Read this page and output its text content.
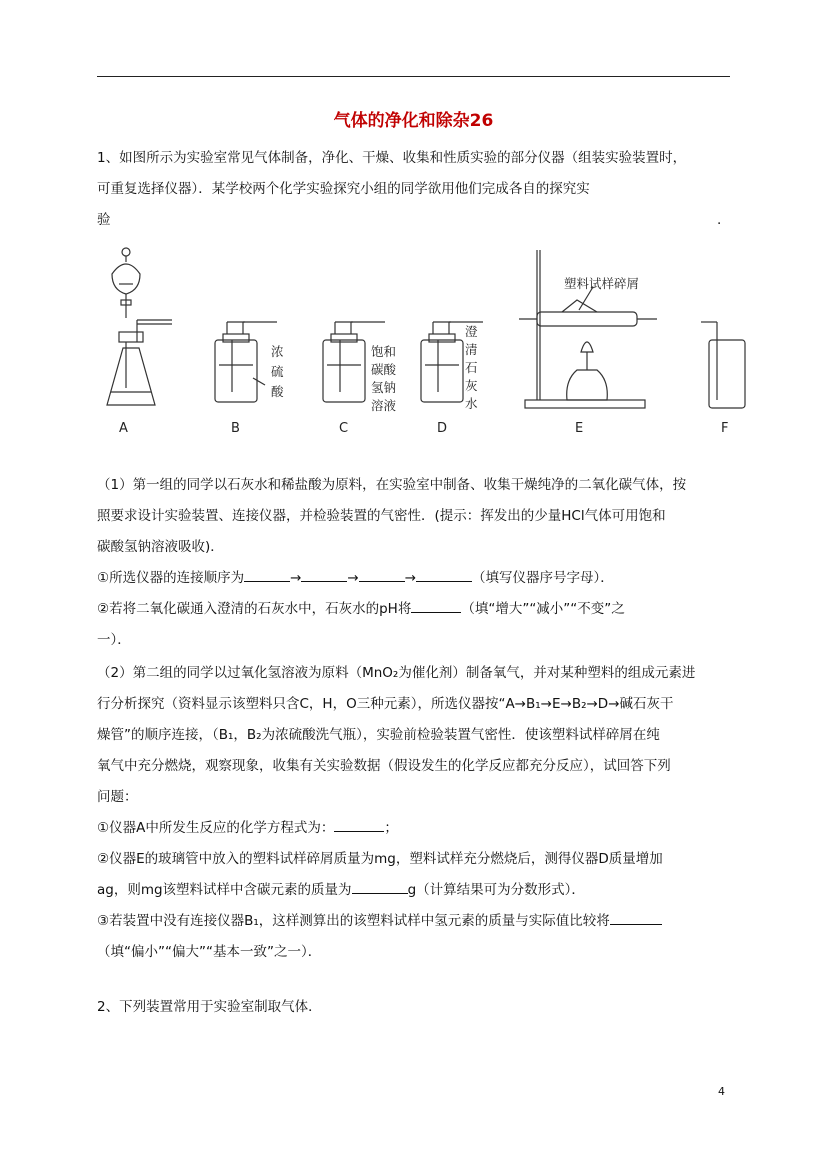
气体的净化和除杂26
1、如图所示为实验室常见气体制备，净化、干燥、收集和性质实验的部分仪器（组装实验装置时，
可重复选择仪器）．某学校两个化学实验探究小组的同学欲用他们完成各自的探究实
验	.
A	B	C	D	E	F
浓
硫
酸
饱和
碳酸
氢钠
溶液
澄
清
石
灰
水
塑料试样碎屑
（1）第一组的同学以石灰水和稀盐酸为原料，在实验室中制备、收集干燥纯净的二氧化碳气体，按
照要求设计实验装置、连接仪器，并检验装置的气密性．(提示：挥发出的少量HCl气体可用饱和
碳酸氢钠溶液吸收)．
①所选仪器的连接顺序为	→	→	→	（填写仪器序号字母）．
②若将二氧化碳通入澄清的石灰水中，石灰水的pH将	（填“增大”“减小”“不变”之
一）．
（2）第二组的同学以过氧化氢溶液为原料（MnO₂为催化剂）制备氧气，并对某种塑料的组成元素进
行分析探究（资料显示该塑料只含C，H，O三种元素），所选仪器按“A→B₁→E→B₂→D→碱石灰干
燥管”的顺序连接，（B₁，B₂为浓硫酸洗气瓶），实验前检验装置气密性．使该塑料试样碎屑在纯
氧气中充分燃烧，观察现象，收集有关实验数据（假设发生的化学反应都充分反应），试回答下列
问题：
①仪器A中所发生反应的化学方程式为：	；
②仪器E的玻璃管中放入的塑料试样碎屑质量为mg，塑料试样充分燃烧后，测得仪器D质量增加
ag，则mg该塑料试样中含碳元素的质量为	g（计算结果可为分数形式）．
③若装置中没有连接仪器B₁，这样测算出的该塑料试样中氢元素的质量与实际值比较将
（填“偏小”“偏大”“基本一致”之一）．
2、下列装置常用于实验室制取气体．
4
